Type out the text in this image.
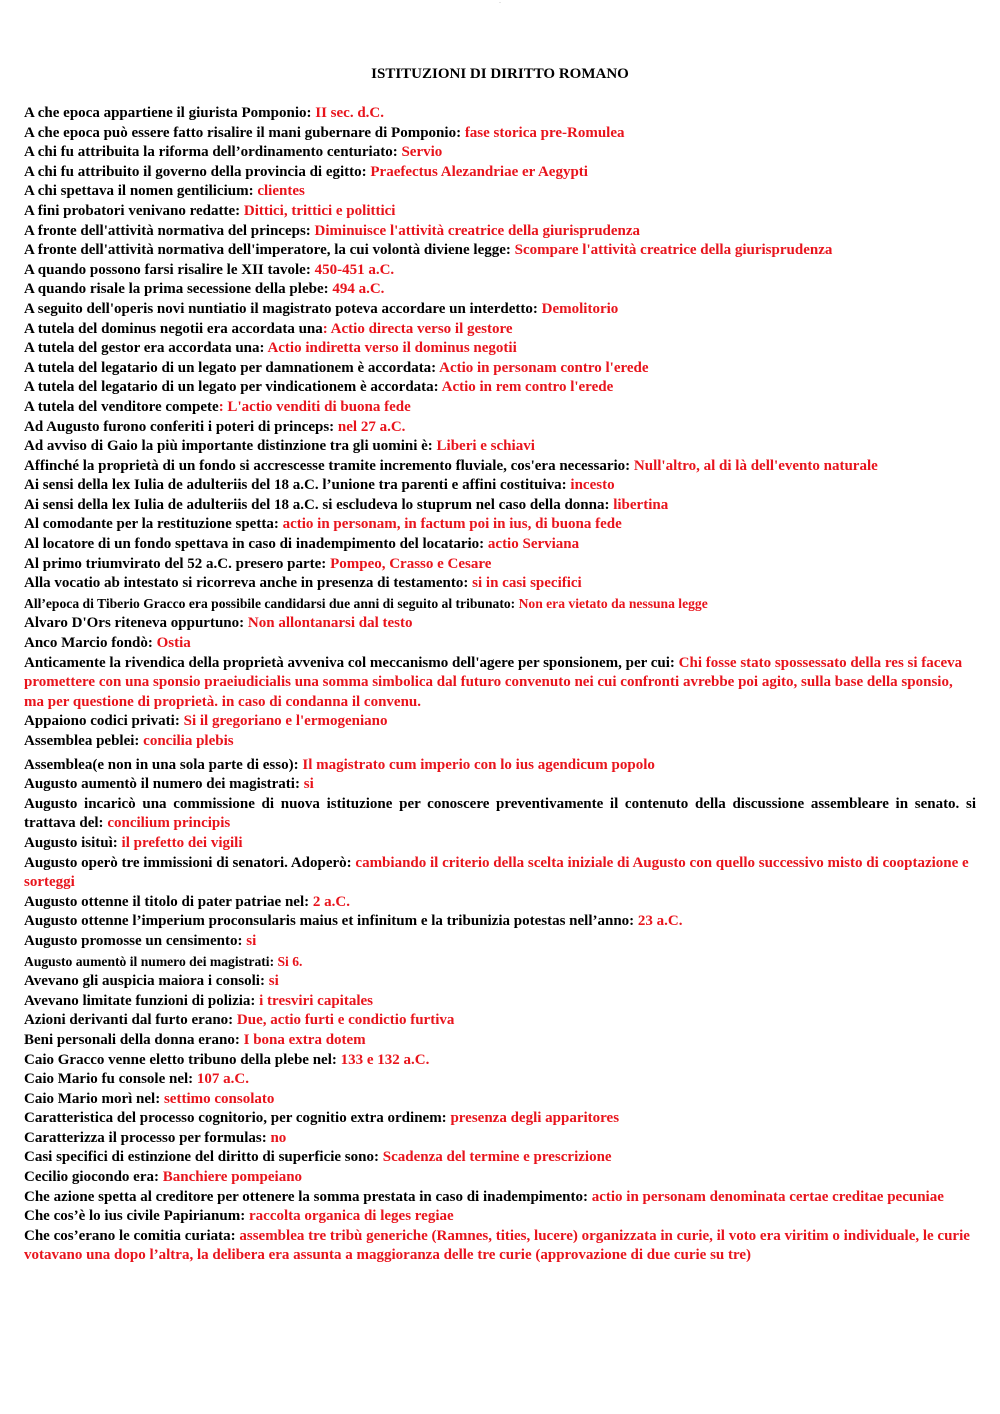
...
ISTITUZIONI DI DIRITTO ROMANO

A che epoca appartiene il giurista Pomponio: II sec. d.C.

A che epoca può essere fatto risalire il mani gubernare di Pomponio: fase storica pre-Romulea

A chi fu attribuita la riforma dell’ordinamento centuriato: Servio

A chi fu attribuito il governo della provincia di egitto: Praefectus Alezandriae er Aegypti

A chi spettava il nomen gentilicium: clientes

A fini probatori venivano redatte: Dittici, trittici e polittici

A fronte dell'attività normativa del princeps: Diminuisce l'attività creatrice della giurisprudenza

A fronte dell'attività normativa dell'imperatore, la cui volontà diviene legge: Scompare l'attività creatrice della giurisprudenza

A quando possono farsi risalire le XII tavole: 450-451 a.C.

A quando risale la prima secessione della plebe: 494 a.C.

A seguito dell'operis novi nuntiatio il magistrato poteva accordare un interdetto: Demolitorio

A tutela del dominus negotii era accordata una: Actio directa verso il gestore

A tutela del gestor era accordata una: Actio indiretta verso il dominus negotii

A tutela del legatario di un legato per damnationem è accordata: Actio in personam contro l'erede

A tutela del legatario di un legato per vindicationem è accordata: Actio in rem contro l'erede

A tutela del venditore compete: L'actio venditi di buona fede

Ad Augusto furono conferiti i poteri di princeps: nel 27 a.C.

Ad avviso di Gaio la più importante distinzione tra gli uomini è: Liberi e schiavi

Affinché la proprietà di un fondo si accrescesse tramite incremento fluviale, cos'era necessario: Null'altro, al di là dell'evento naturale

Ai sensi della lex Iulia de adulteriis del 18 a.C. l’unione tra parenti e affini costituiva: incesto

Ai sensi della lex Iulia de adulteriis del 18 a.C. si escludeva lo stuprum nel caso della donna: libertina

Al comodante per la restituzione spetta: actio in personam, in factum poi in ius, di buona fede

Al locatore di un fondo spettava in caso di inadempimento del locatario: actio Serviana

Al primo triumvirato del 52 a.C. presero parte: Pompeo, Crasso e Cesare

Alla vocatio ab intestato si ricorreva anche in presenza di testamento: si in casi specifici

All’epoca di Tiberio Gracco era possibile candidarsi due anni di seguito al tribunato: Non era vietato da nessuna legge

Alvaro D'Ors riteneva oppurtuno: Non allontanarsi dal testo

Anco Marcio fondò: Ostia

Anticamente la rivendica della proprietà avveniva col meccanismo dell'agere per sponsionem, per cui: Chi fosse stato spossessato della res si faceva promettere con una sponsio praeiudicialis una somma simbolica dal futuro convenuto nei cui confronti avrebbe poi agito, sulla base della sponsio, ma per questione di proprietà. in caso di condanna il convenu.

Appaiono codici privati: Si il gregoriano e l'ermogeniano

Assemblea peblei: concilia plebis

Assemblea(e non in una sola parte di esso): Il magistrato cum imperio con lo ius agendicum popolo

Augusto aumentò il numero dei magistrati: si

Augusto incaricò una commissione di nuova istituzione per conoscere preventivamente il contenuto della discussione assembleare in senato. si trattava del: concilium principis

Augusto isituì: il prefetto dei vigili

Augusto operò tre immissioni di senatori. Adoperò: cambiando il criterio della scelta iniziale di Augusto con quello successivo misto di cooptazione e sorteggi

Augusto ottenne il titolo di pater patriae nel: 2 a.C.

Augusto ottenne l’imperium proconsularis maius et infinitum e la tribunizia potestas nell’anno: 23 a.C.

Augusto promosse un censimento: si

Augusto aumentò il numero dei magistrati: Si 6.

Avevano gli auspicia maiora i consoli: si

Avevano limitate funzioni di polizia: i tresviri capitales

Azioni derivanti dal furto erano: Due, actio furti e condictio furtiva

Beni personali della donna erano: I bona extra dotem

Caio Gracco venne eletto tribuno della plebe nel: 133 e 132 a.C.

Caio Mario fu console nel: 107 a.C.

Caio Mario morì nel: settimo consolato

Caratteristica del processo cognitorio, per cognitio extra ordinem: presenza degli apparitores

Caratterizza il processo per formulas: no

Casi specifici di estinzione del diritto di superficie sono: Scadenza del termine e prescrizione

Cecilio giocondo era: Banchiere pompeiano

Che azione spetta al creditore per ottenere la somma prestata in caso di inadempimento: actio in personam denominata certae creditae pecuniae

Che cos’è lo ius civile Papirianum: raccolta organica di leges regiae

Che cos’erano le comitia curiata: assemblea tre tribù generiche (Ramnes, tities, lucere) organizzata in curie, il voto era viritim o individuale, le curie votavano una dopo l’altra, la delibera era assunta a maggioranza delle tre curie (approvazione di due curie su tre)
